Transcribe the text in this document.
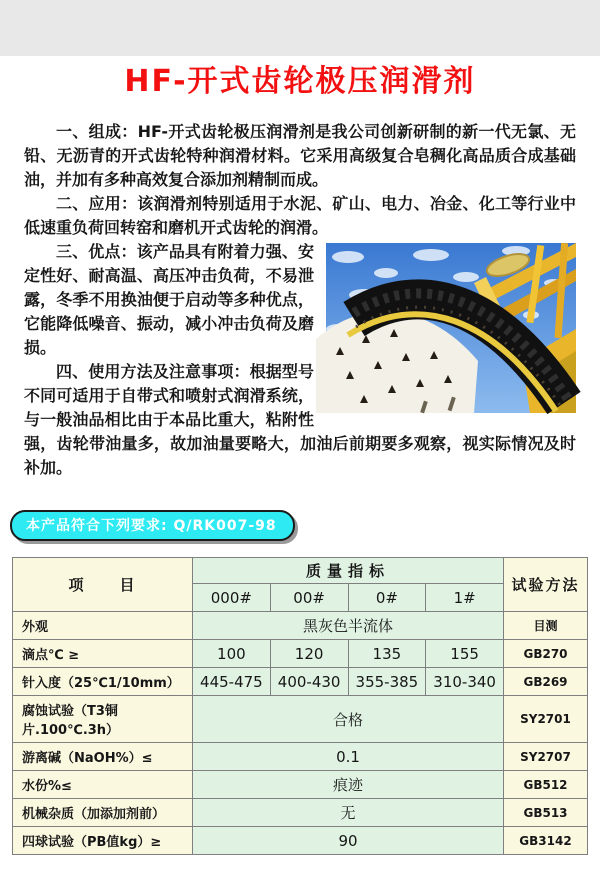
HF-开式齿轮极压润滑剂

一、组成：HF-开式齿轮极压润滑剂是我公司创新研制的新一代无氯、无铅、无沥青的开式齿轮特种润滑材料。它采用高级复合皂稠化高品质合成基础油，并加有多种高效复合添加剂精制而成。

二、应用：该润滑剂特别适用于水泥、矿山、电力、冶金、化工等行业中低速重负荷回转窑和磨机开式齿轮的润滑。

三、优点：该产品具有附着力强、安定性好、耐高温、高压冲击负荷，不易泄露，冬季不用换油便于启动等多种优点，它能降低噪音、振动，减小冲击负荷及磨损。

四、使用方法及注意事项：根据型号不同可适用于自带式和喷射式润滑系统，与一般油品相比由于本品比重大，粘附性强，齿轮带油量多，故加油量要略大，加油后前期要多观察，视实际情况及时补加。

本产品符合下列要求: Q/RK007-98
项　　目	质量指标				试验方法
	000#	00#	0#	1#	
外观	黑灰色半流体				目测
滴点℃ ≥	100	120	135	155	GB270
针入度（25℃1/10mm）	445-475	400-430	355-385	310-340	GB269
腐蚀试验（T3铜片.100℃.3h）	合格				SY2701
游离碱（NaOH%）≤	0.1				SY2707
水份%≤	痕迹				GB512
机械杂质（加添加剂前）	无				GB513
四球试验（PB值kg）≥	90				GB3142
